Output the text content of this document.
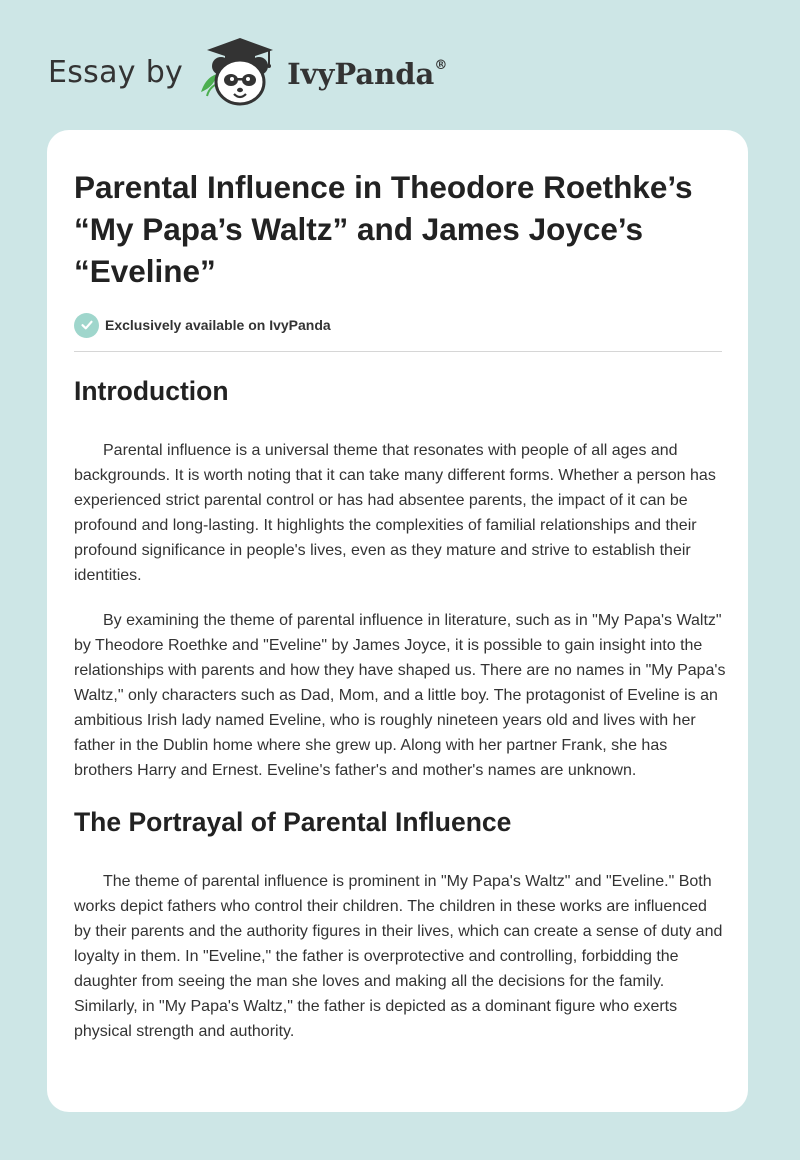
Essay by	IvyPanda®
Parental Influence in Theodore Roethke’s “My Papa’s Waltz” and James Joyce’s “Eveline”
Exclusively available on IvyPanda
Introduction

Parental influence is a universal theme that resonates with people of all ages and backgrounds. It is worth noting that it can take many different forms. Whether a person has experienced strict parental control or has had absentee parents, the impact of it can be profound and long-lasting. It highlights the complexities of familial relationships and their profound significance in people's lives, even as they mature and strive to establish their identities.

By examining the theme of parental influence in literature, such as in "My Papa's Waltz" by Theodore Roethke and "Eveline" by James Joyce, it is possible to gain insight into the relationships with parents and how they have shaped us. There are no names in "My Papa's Waltz," only characters such as Dad, Mom, and a little boy. The protagonist of Eveline is an ambitious Irish lady named Eveline, who is roughly nineteen years old and lives with her father in the Dublin home where she grew up. Along with her partner Frank, she has brothers Harry and Ernest. Eveline's father's and mother's names are unknown.

The Portrayal of Parental Influence

The theme of parental influence is prominent in "My Papa's Waltz" and "Eveline." Both works depict fathers who control their children. The children in these works are influenced by their parents and the authority figures in their lives, which can create a sense of duty and loyalty in them. In "Eveline," the father is overprotective and controlling, forbidding the daughter from seeing the man she loves and making all the decisions for the family. Similarly, in "My Papa's Waltz," the father is depicted as a dominant figure who exerts physical strength and authority.
